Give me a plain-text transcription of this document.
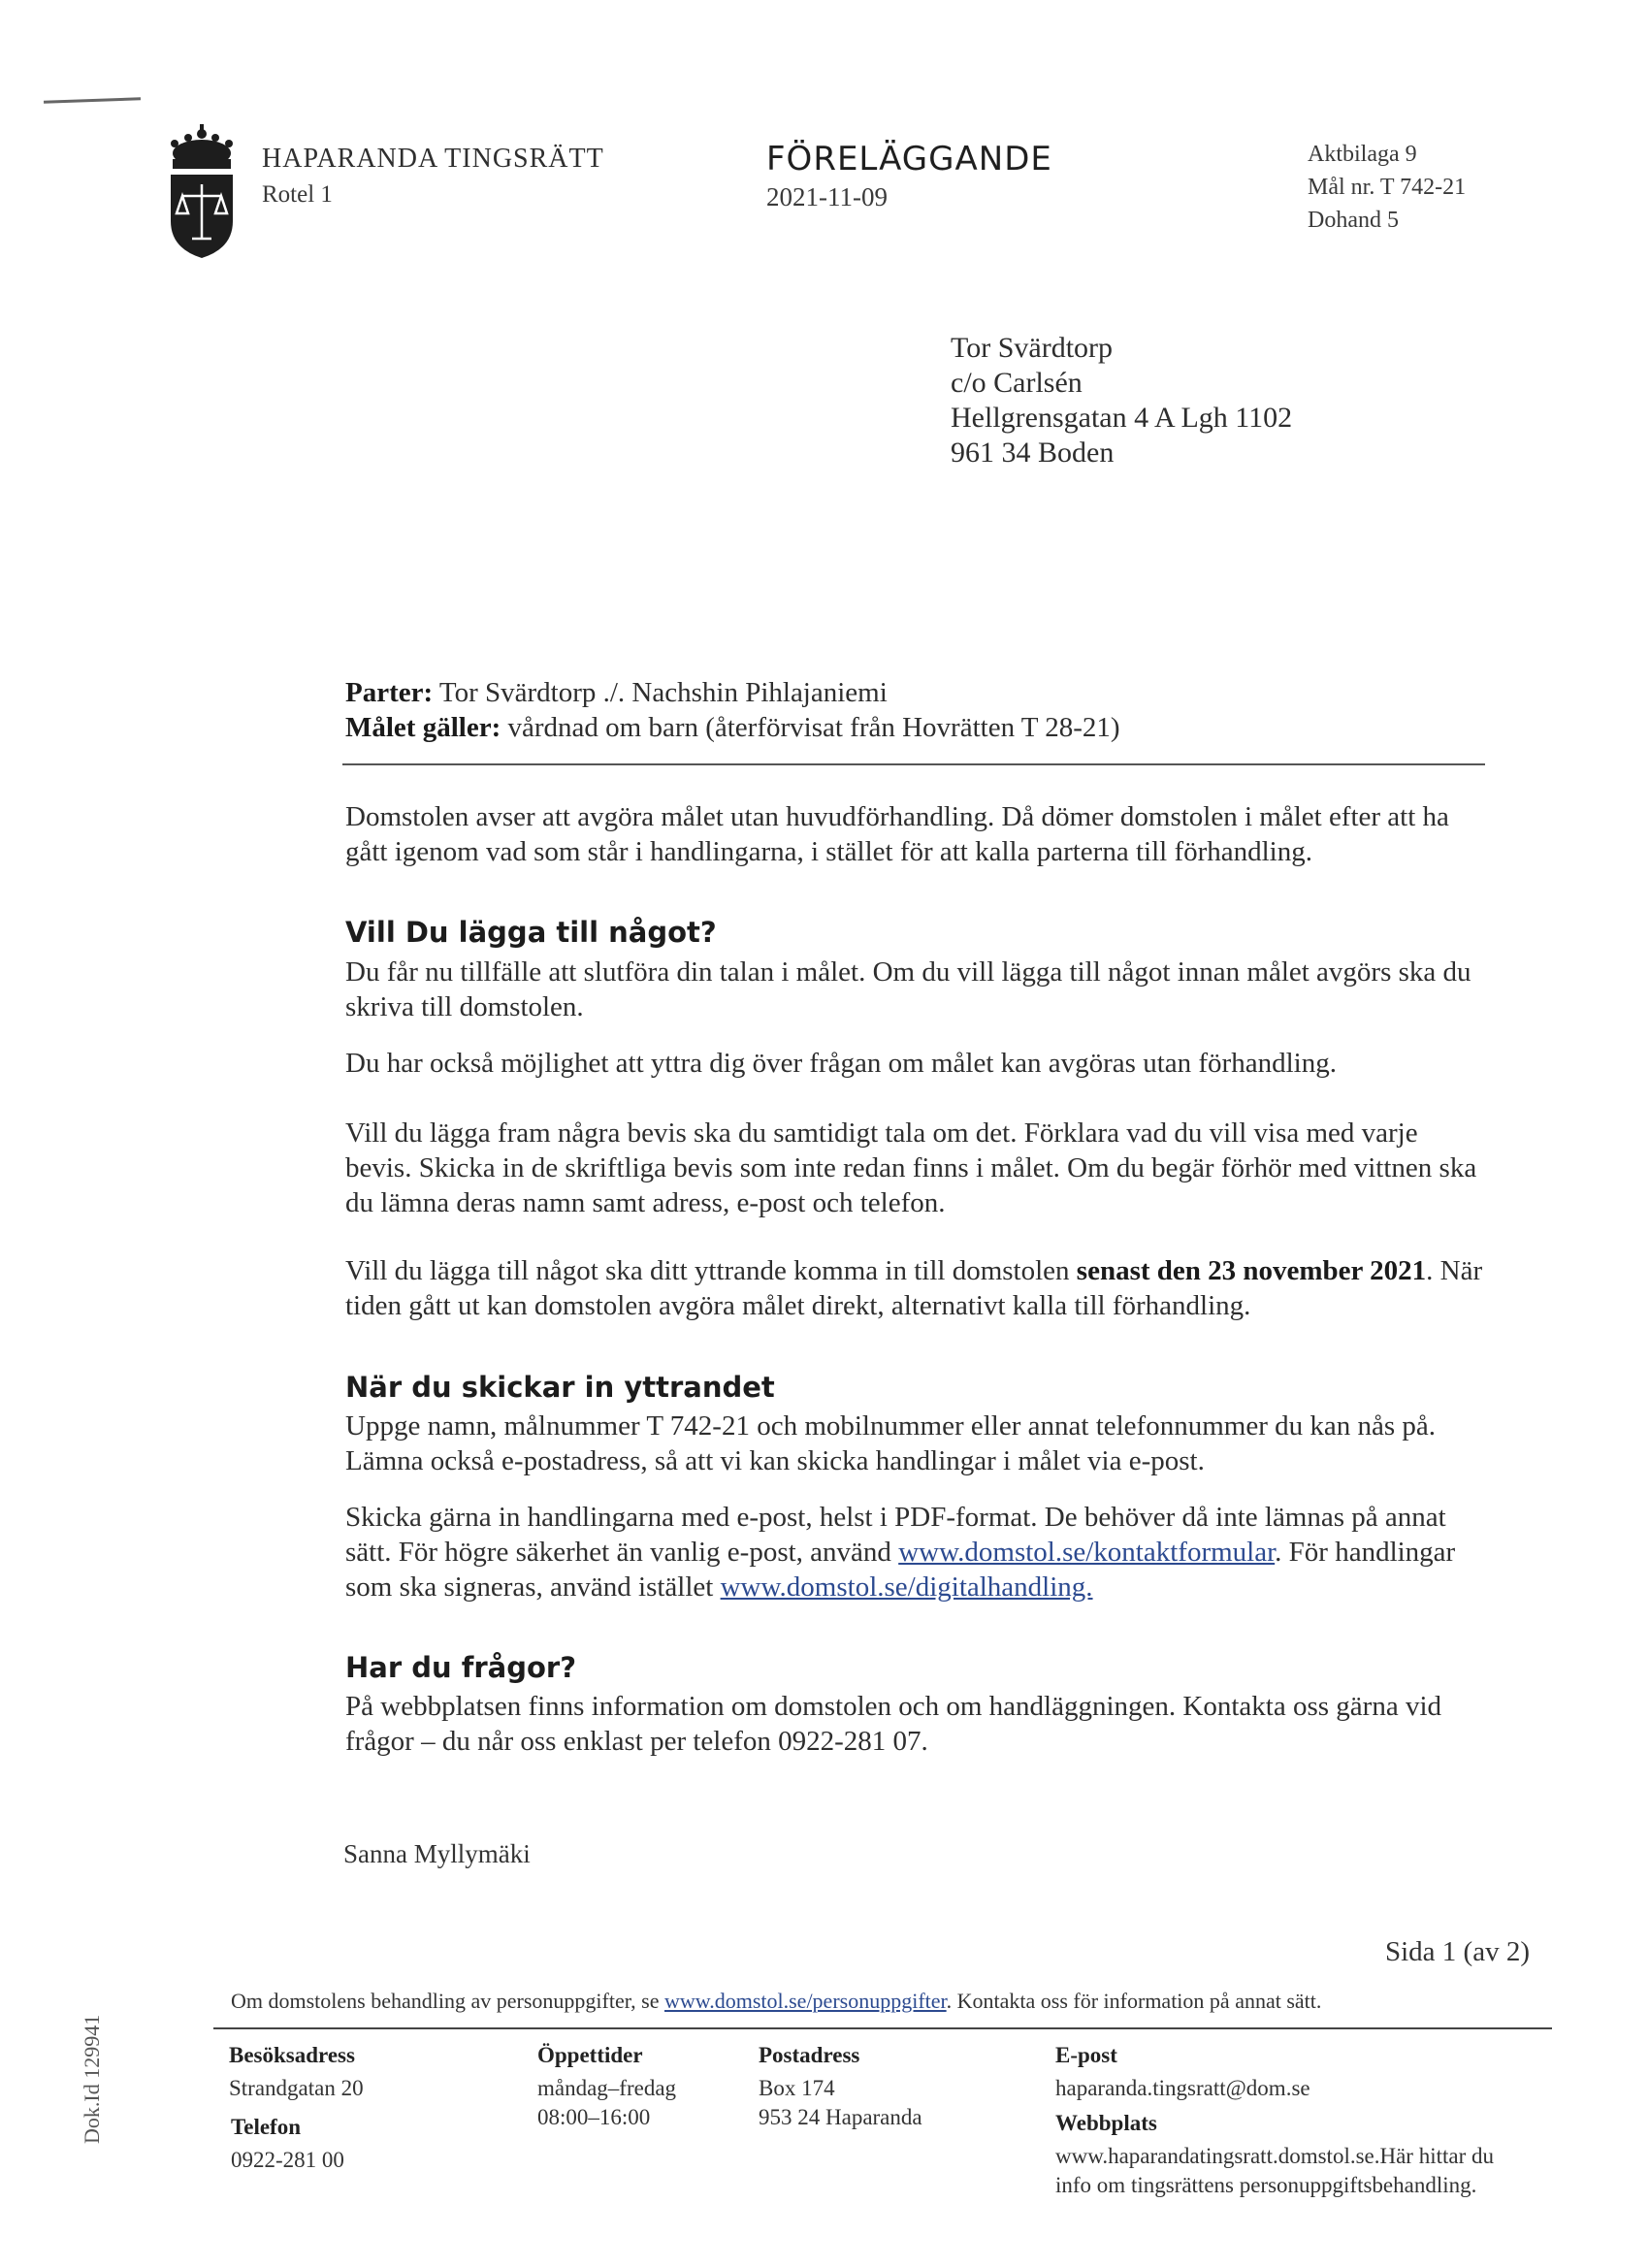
HAPARANDA TINGSRÄTT
Rotel 1
FÖRELÄGGANDE
2021-11-09
Aktbilaga 9
Mål nr. T 742-21
Dohand 5
Tor Svärdtorp
c/o Carlsén
Hellgrensgatan 4 A Lgh 1102
961 34 Boden
Parter: Tor Svärdtorp ./. Nachshin Pihlajaniemi
Målet gäller: vårdnad om barn (återförvisat från Hovrätten T 28-21)
Domstolen avser att avgöra målet utan huvudförhandling. Då dömer domstolen i målet efter att ha gått igenom vad som står i handlingarna, i stället för att kalla parterna till förhandling.
Vill Du lägga till något?
Du får nu tillfälle att slutföra din talan i målet. Om du vill lägga till något innan målet avgörs ska du skriva till domstolen.
Du har också möjlighet att yttra dig över frågan om målet kan avgöras utan förhandling.
Vill du lägga fram några bevis ska du samtidigt tala om det. Förklara vad du vill visa med varje bevis. Skicka in de skriftliga bevis som inte redan finns i målet. Om du begär förhör med vittnen ska du lämna deras namn samt adress, e-post och telefon.
Vill du lägga till något ska ditt yttrande komma in till domstolen senast den 23 november 2021. När tiden gått ut kan domstolen avgöra målet direkt, alternativt kalla till förhandling.
När du skickar in yttrandet
Uppge namn, målnummer T 742-21 och mobilnummer eller annat telefonnummer du kan nås på. Lämna också e-postadress, så att vi kan skicka handlingar i målet via e-post.
Skicka gärna in handlingarna med e-post, helst i PDF-format. De behöver då inte lämnas på annat sätt. För högre säkerhet än vanlig e-post, använd www.domstol.se/kontaktformular. För handlingar som ska signeras, använd istället www.domstol.se/digitalhandling.
Har du frågor?
På webbplatsen finns information om domstolen och om handläggningen. Kontakta oss gärna vid frågor – du når oss enklast per telefon 0922-281 07.
Sanna Myllymäki
Sida 1 (av 2)
Om domstolens behandling av personuppgifter, se www.domstol.se/personuppgifter. Kontakta oss för information på annat sätt.
Besöksadress
Strandgatan 20
Telefon
0922-281 00
Öppettider
måndag–fredag
08:00–16:00
Postadress
Box 174
953 24 Haparanda
E-post
haparanda.tingsratt@dom.se
Webbplats
www.haparandatingsratt.domstol.se.Här hittar du
info om tingsrättens personuppgiftsbehandling.
Dok.Id 129941
